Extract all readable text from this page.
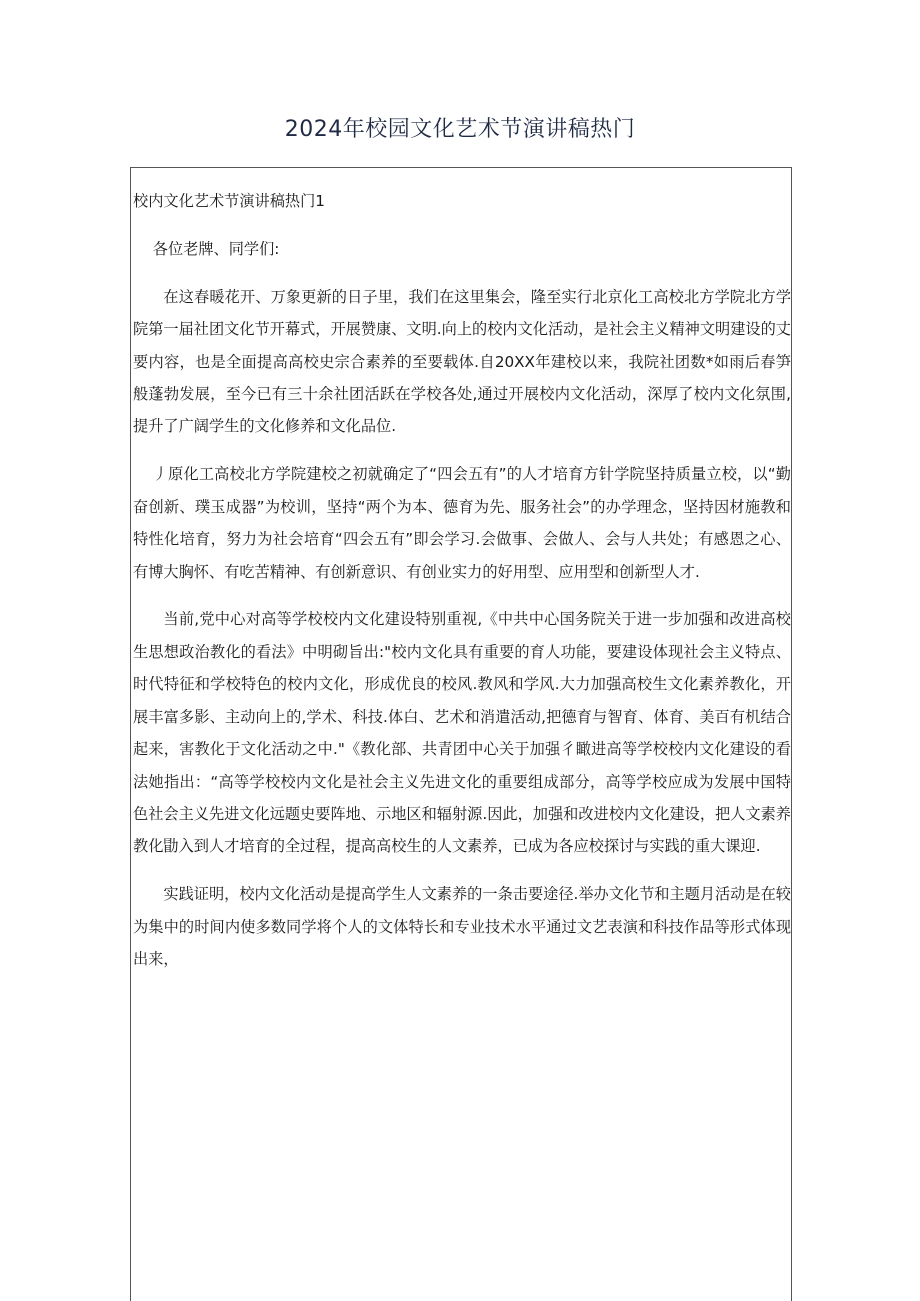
2024年校园文化艺术节演讲稿热门

校内文化艺术节演讲稿热门1

各位老牌、同学们:

在这春暖花开、万象更新的日子里，我们在这里集会，隆至实行北京化工高校北方学院北方学院第一届社团文化节开幕式，开展赞康、文明.向上的校内文化活动，是社会主义精神文明建设的丈要内容，也是全面提高高校史宗合素养的至要载体.自20XX年建校以来，我院社团数*如雨后春笋般蓬勃发展，至今已有三十余社团活跃在学校各处,通过开展校内文化活动，深厚了校内文化氛围,提升了广阔学生的文化修养和文化品位.

丿原化工高校北方学院建校之初就确定了“四会五有”的人才培育方针学院坚持质量立校，以“勤奋创新、璞玉成器”为校训，坚持“两个为本、德育为先、服务社会”的办学理念，坚持因材施教和特性化培育，努力为社会培育“四会五有”即会学习.会做事、会做人、会与人共处；有感恩之心、有博大胸怀、有吃苦精神、有创新意识、有创业实力的好用型、应用型和创新型人才.

当前,党中心对高等学校校内文化建设特别重视,《中共中心国务院关于进一步加强和改进高校生思想政治教化的看法》中明砌旨出:"校内文化具有重要的育人功能，要建设体现社会主义特点、时代特征和学校特色的校内文化，形成优良的校风.教风和学风.大力加强高校生文化素养教化，开展丰富多影、主动向上的,学术、科技.体白、艺术和消遣活动,把德育与智育、体育、美百有机结合起来，害教化于文化活动之中."《教化部、共青团中心关于加强彳瞰进高等学校校内文化建设的看法她指出：“高等学校校内文化是社会主义先进文化的重要组成部分，高等学校应成为发展中国特色社会主义先进文化远题史要阵地、示地区和辐射源.因此，加强和改进校内文化建设，把人文素养教化勖入到人才培育的全过程，提高高校生的人文素养，已成为各应校探讨与实践的重大课迎.

实践证明，校内文化活动是提高学生人文素养的一条击要途径.举办文化节和主题月活动是在较为集中的时间内使多数同学将个人的文体特长和专业技术水平通过文艺表演和科技作品等形式体现出来，
